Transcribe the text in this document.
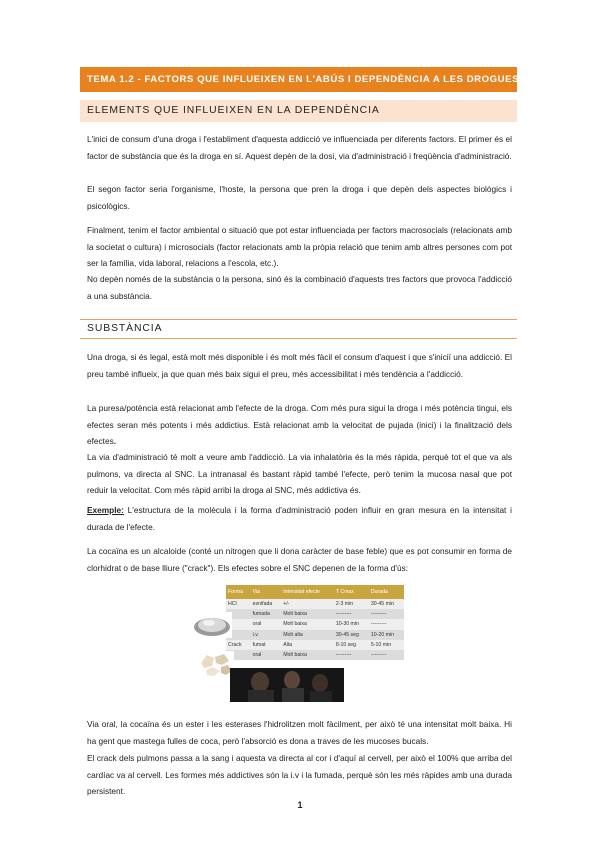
TEMA 1.2 - FACTORS QUE INFLUEIXEN EN L'ABÚS I DEPENDÈNCIA A LES DROGUES
ELEMENTS QUE INFLUEIXEN EN LA DEPENDÈNCIA

L'inici de consum d'una droga i l'establiment d'aquesta addicció ve influenciada per diferents factors. El primer és el factor de substància que és la droga en sí. Aquest depèn de la dosi, via d'administració i freqüència d'administració.

El segon factor seria l'organisme, l'hoste, la persona que pren la droga i que depèn dels aspectes biològics i psicològics.

Finalment, tenim el factor ambiental o situació que pot estar influenciada per factors macrosocials (relacionats amb la societat o cultura) i microsocials (factor relacionats amb la pròpia relació que tenim amb altres persones com pot ser la família, vida laboral, relacions a l'escola, etc.).

No depèn només de la substància o la persona, sinó és la combinació d'aquests tres factors que provoca l'addicció a una substància.

SUBSTÀNCIA

Una droga, si és legal, està molt més disponible i és molt més fàcil el consum d'aquest i que s'iniciï una addicció. El preu també influeix, ja que quan més baix sigui el preu, més accessibilitat i més tendència a l'addicció.

La puresa/potència està relacionat amb l'efecte de la droga. Com més pura sigui la droga i més potència tingui, els efectes seran més potents i més addictius. Està relacionat amb la velocitat de pujada (inici) i la finalització dels efectes.

La via d'administració té molt a veure amb l'addicció. La via inhalatòria és la més ràpida, perquè tot el que va als pulmons, va directa al SNC. La intranasal és bastant ràpid també l'efecte, però tenim la mucosa nasal que pot reduir la velocitat. Com més ràpid arribi la droga al SNC, més addictiva és.

Exemple: L'estructura de la molècula i la forma d'administració poden influir en gran mesura en la intensitat i durada de l'efecte.

La cocaïna es un alcaloide (conté un nitrogen que li dona caràcter de base feble) que es pot consumir en forma de clorhidrat o de base lliure ("crack"). Els efectes sobre el SNC depenen de la forma d'ús:

Forma	Via	Intensitat efecte	T Cmax	Durada
HCl	esnifada	+/-	2-3 min	30-45 min
	fumada	Molt baixa	---------	---------
	oral	Molt baixa	10-30 min	---------
	i.v.	Molt alta	30-45 seg	10-20 min
Crack	fumat	Alta	8-10 seg	5-10 min
	oral	Molt baixa	---------	---------

Via oral, la cocaïna és un ester i les esterases l'hidrolitzen molt fàcilment, per això té una intensitat molt baixa. Hi ha gent que mastega fulles de coca, però l'absorció es dona a traves de les mucoses bucals.

El crack dels pulmons passa a la sang i aquesta va directa al cor i d'aquí al cervell, per això el 100% que arriba del cardíac va al cervell. Les formes més addictives són la i.v i la fumada, perquè són les més ràpides amb una durada persistent.

1
